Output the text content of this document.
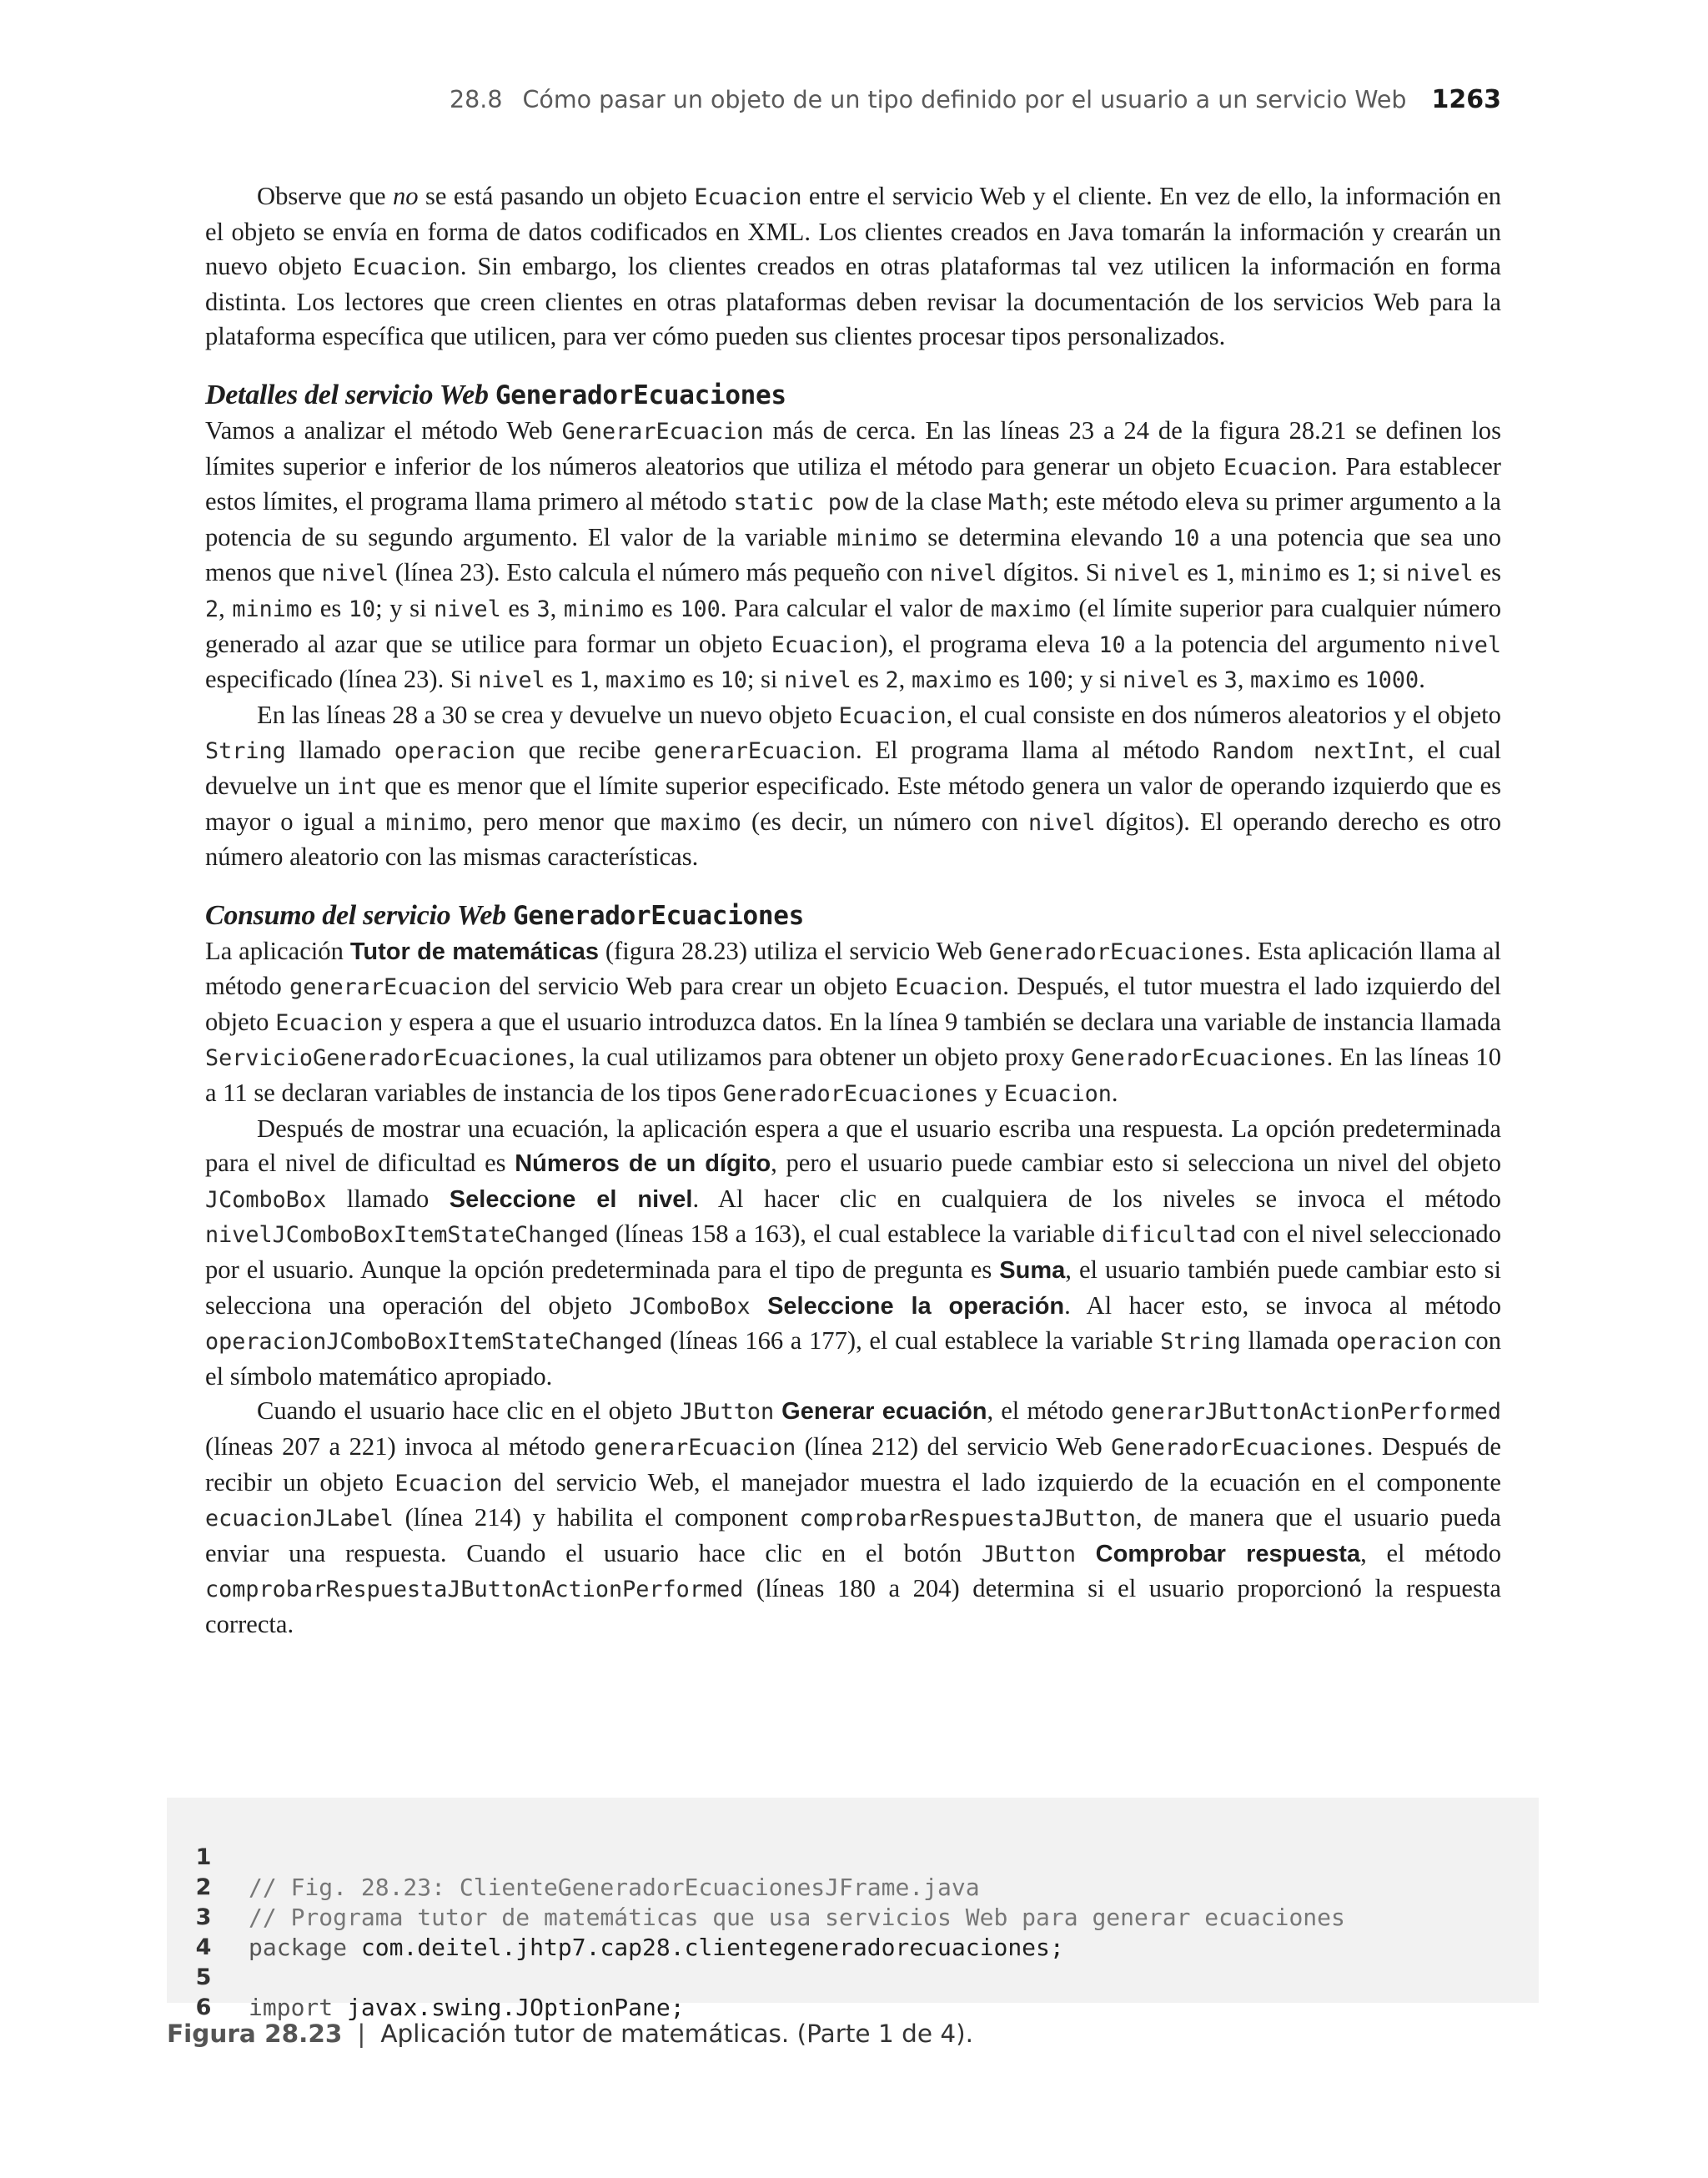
28.8 Cómo pasar un objeto de un tipo definido por el usuario a un servicio Web 1263

Observe que no se está pasando un objeto Ecuacion entre el servicio Web y el cliente. En vez de ello, la información en el objeto se envía en forma de datos codificados en XML. Los clientes creados en Java tomarán la información y crearán un nuevo objeto Ecuacion. Sin embargo, los clientes creados en otras plataformas tal vez utilicen la información en forma distinta. Los lectores que creen clientes en otras plataformas deben revisar la documentación de los servicios Web para la plataforma específica que utilicen, para ver cómo pueden sus clientes procesar tipos personalizados.

Detalles del servicio Web GeneradorEcuaciones

Vamos a analizar el método Web GenerarEcuacion más de cerca. En las líneas 23 a 24 de la figura 28.21 se definen los límites superior e inferior de los números aleatorios que utiliza el método para generar un objeto Ecuacion. Para establecer estos límites, el programa llama primero al método static pow de la clase Math; este método eleva su primer argumento a la potencia de su segundo argumento. El valor de la variable minimo se determina elevando 10 a una potencia que sea uno menos que nivel (línea 23). Esto calcula el número más pequeño con nivel dígitos. Si nivel es 1, minimo es 1; si nivel es 2, minimo es 10; y si nivel es 3, minimo es 100. Para calcular el valor de maximo (el límite superior para cualquier número generado al azar que se utilice para formar un objeto Ecuacion), el programa eleva 10 a la potencia del argumento nivel especificado (línea 23). Si nivel es 1, maximo es 10; si nivel es 2, maximo es 100; y si nivel es 3, maximo es 1000.

En las líneas 28 a 30 se crea y devuelve un nuevo objeto Ecuacion, el cual consiste en dos números aleatorios y el objeto String llamado operacion que recibe generarEcuacion. El programa llama al método Random nextInt, el cual devuelve un int que es menor que el límite superior especificado. Este método genera un valor de operando izquierdo que es mayor o igual a minimo, pero menor que maximo (es decir, un número con nivel dígitos). El operando derecho es otro número aleatorio con las mismas características.

Consumo del servicio Web GeneradorEcuaciones

La aplicación Tutor de matemáticas (figura 28.23) utiliza el servicio Web GeneradorEcuaciones. Esta aplicación llama al método generarEcuacion del servicio Web para crear un objeto Ecuacion. Después, el tutor muestra el lado izquierdo del objeto Ecuacion y espera a que el usuario introduzca datos. En la línea 9 también se declara una variable de instancia llamada ServicioGeneradorEcuaciones, la cual utilizamos para obtener un objeto proxy GeneradorEcuaciones. En las líneas 10 a 11 se declaran variables de instancia de los tipos GeneradorEcuaciones y Ecuacion.

Después de mostrar una ecuación, la aplicación espera a que el usuario escriba una respuesta. La opción predeterminada para el nivel de dificultad es Números de un dígito, pero el usuario puede cambiar esto si selecciona un nivel del objeto JComboBox llamado Seleccione el nivel. Al hacer clic en cualquiera de los niveles se invoca el método nivelJComboBoxItemStateChanged (líneas 158 a 163), el cual establece la variable dificultad con el nivel seleccionado por el usuario. Aunque la opción predeterminada para el tipo de pregunta es Suma, el usuario también puede cambiar esto si selecciona una operación del objeto JComboBox Seleccione la operación. Al hacer esto, se invoca al método operacionJComboBoxItemStateChanged (líneas 166 a 177), el cual establece la variable String llamada operacion con el símbolo matemático apropiado.

Cuando el usuario hace clic en el objeto JButton Generar ecuación, el método generarJButtonActionPerformed (líneas 207 a 221) invoca al método generarEcuacion (línea 212) del servicio Web GeneradorEcuaciones. Después de recibir un objeto Ecuacion del servicio Web, el manejador muestra el lado izquierdo de la ecuación en el componente ecuacionJLabel (línea 214) y habilita el component comprobarRespuestaJButton, de manera que el usuario pueda enviar una respuesta. Cuando el usuario hace clic en el botón JButton Comprobar respuesta, el método comprobarRespuestaJButtonActionPerformed (líneas 180 a 204) determina si el usuario proporcionó la respuesta correcta.

1

// Fig. 28.23: ClienteGeneradorEcuacionesJFrame.java

2

// Programa tutor de matemáticas que usa servicios Web para generar ecuaciones

3

package com.deitel.jhtp7.cap28.clientegeneradorecuaciones;

4

5

import javax.swing.JOptionPane;

6

Figura 28.23 | Aplicación tutor de matemáticas. (Parte 1 de 4).
